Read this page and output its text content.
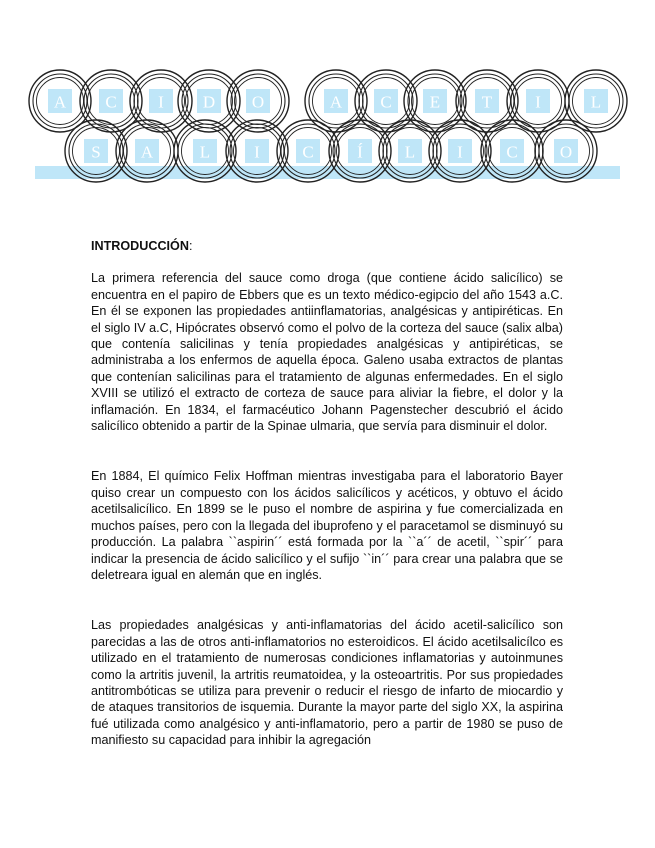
A C I D O	A C E T	I	L
S A	L	I C	Í L I	C O

INTRODUCCIÓN:

La primera referencia del sauce como droga (que contiene ácido salicílico) se encuentra en el papiro de Ebbers que es un texto médico-egipcio del año 1543 a.C. En él se exponen las propiedades antiinflamatorias, analgésicas y antipiréticas. En el siglo IV a.C, Hipócrates observó como el polvo de la corteza del sauce (salix alba) que contenía salicilinas y tenía propiedades analgésicas y antipiréticas, se administraba a los enfermos de aquella época. Galeno usaba extractos de plantas que contenían salicilinas para el tratamiento de algunas enfermedades. En el siglo XVIII se utilizó el extracto de corteza de sauce para aliviar la fiebre, el dolor y la inflamación. En 1834, el farmacéutico Johann Pagenstecher descubrió el ácido salicílico obtenido a partir de la Spinae ulmaria, que servía para disminuir el dolor.

En 1884, El químico Felix Hoffman mientras investigaba para el laboratorio Bayer quiso crear un compuesto con los ácidos salicílicos y acéticos, y obtuvo el ácido acetilsalicílico. En 1899 se le puso el nombre de aspirina y fue comercializada en muchos países, pero con la llegada del ibuprofeno y el paracetamol se disminuyó su producción. La palabra ``aspirin´´ está formada por la ``a´´ de acetil, ``spir´´ para indicar la presencia de ácido salicílico y el sufijo ``in´´ para crear una palabra que se deletreara igual en alemán que en inglés.

Las propiedades analgésicas y anti-inflamatorias del ácido acetil-salicílico son parecidas a las de otros anti-inflamatorios no esteroidicos. El ácido acetilsalicílco es utilizado en el tratamiento de numerosas condiciones inflamatorias y autoinmunes como la artritis juvenil, la artritis reumatoidea, y la osteoartritis. Por sus propiedades antitrombóticas se utiliza para prevenir o reducir el riesgo de infarto de miocardio y de ataques transitorios de isquemia. Durante la mayor parte del siglo XX, la aspirina fué utilizada como analgésico y anti-inflamatorio, pero a partir de 1980 se puso de manifiesto su capacidad para inhibir la agregación
